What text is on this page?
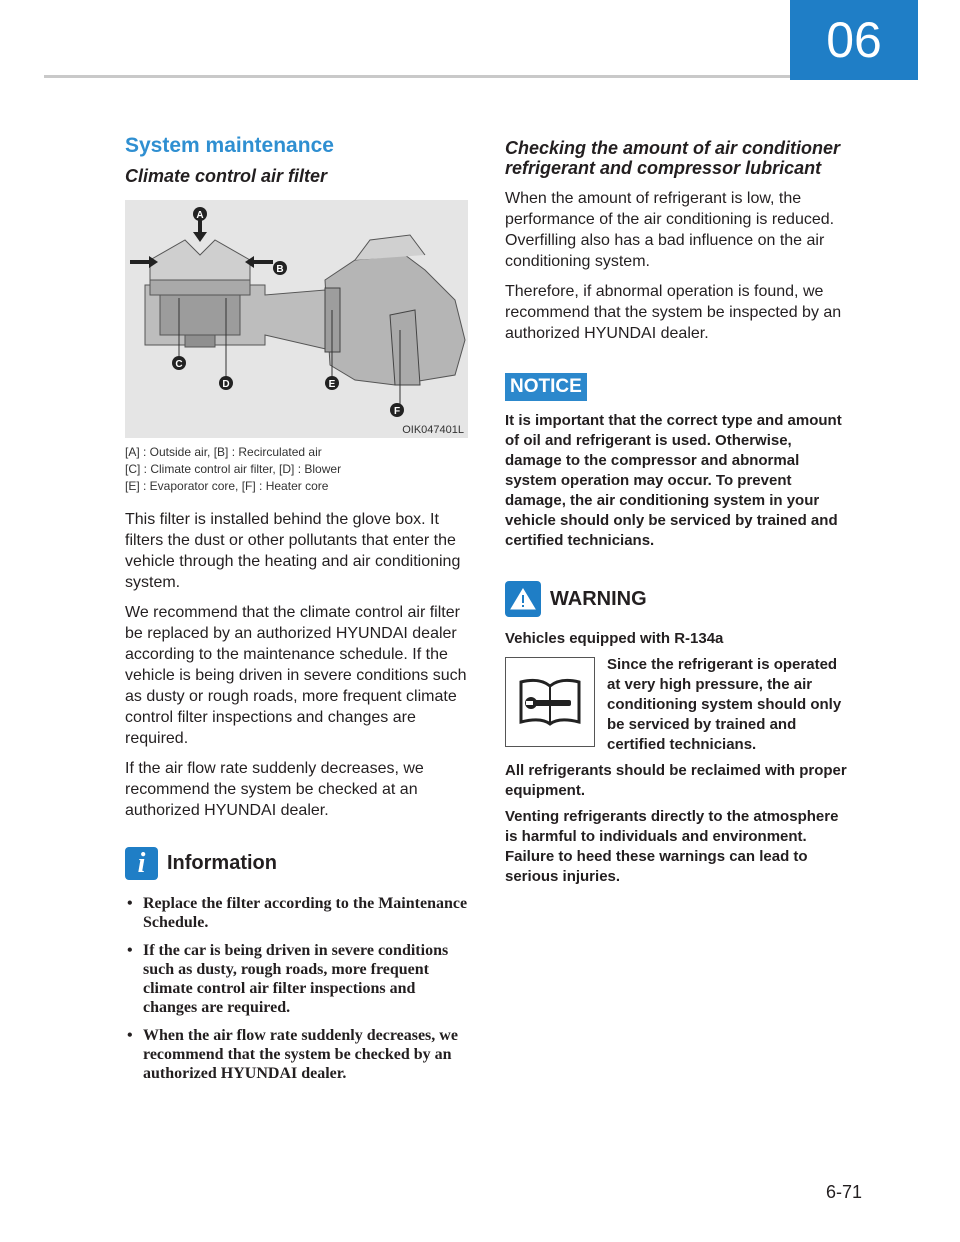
06
System maintenance
Climate control air filter
A
B
C
D	E
F
OIK047401L
[A] : Outside air, [B] : Recirculated air
[C] : Climate control air filter, [D] : Blower
[E] : Evaporator core, [F] : Heater core

This filter is installed behind the glove box. It filters the dust or other pollutants that enter the vehicle through the heating and air conditioning system.

We recommend that the climate control air filter be replaced by an authorized HYUNDAI dealer according to the maintenance schedule. If the vehicle is being driven in severe conditions such as dusty or rough roads, more frequent climate control filter inspections and changes are required.

If the air flow rate suddenly decreases, we recommend the system be checked at an authorized HYUNDAI dealer.

i	Information
• Replace the filter according to the Maintenance Schedule.
• If the car is being driven in severe conditions such as dusty, rough roads, more frequent climate control air filter inspections and changes are required.
• When the air flow rate suddenly decreases, we recommend that the system be checked by an authorized HYUNDAI dealer.
Checking the amount of air conditioner refrigerant and compressor lubricant

When the amount of refrigerant is low, the performance of the air conditioning is reduced. Overfilling also has a bad influence on the air conditioning system.

Therefore, if abnormal operation is found, we recommend that the system be inspected by an authorized HYUNDAI dealer.

NOTICE

It is important that the correct type and amount of oil and refrigerant is used. Otherwise, damage to the compressor and abnormal system operation may occur. To prevent damage, the air conditioning system in your vehicle should only be serviced by trained and certified technicians.

WARNING

Vehicles equipped with R-134a

Since the refrigerant is operated at very high pressure, the air conditioning system should only be serviced by trained and certified technicians.

All refrigerants should be reclaimed with proper equipment.

Venting refrigerants directly to the atmosphere is harmful to individuals and environment. Failure to heed these warnings can lead to serious injuries.

6-71
